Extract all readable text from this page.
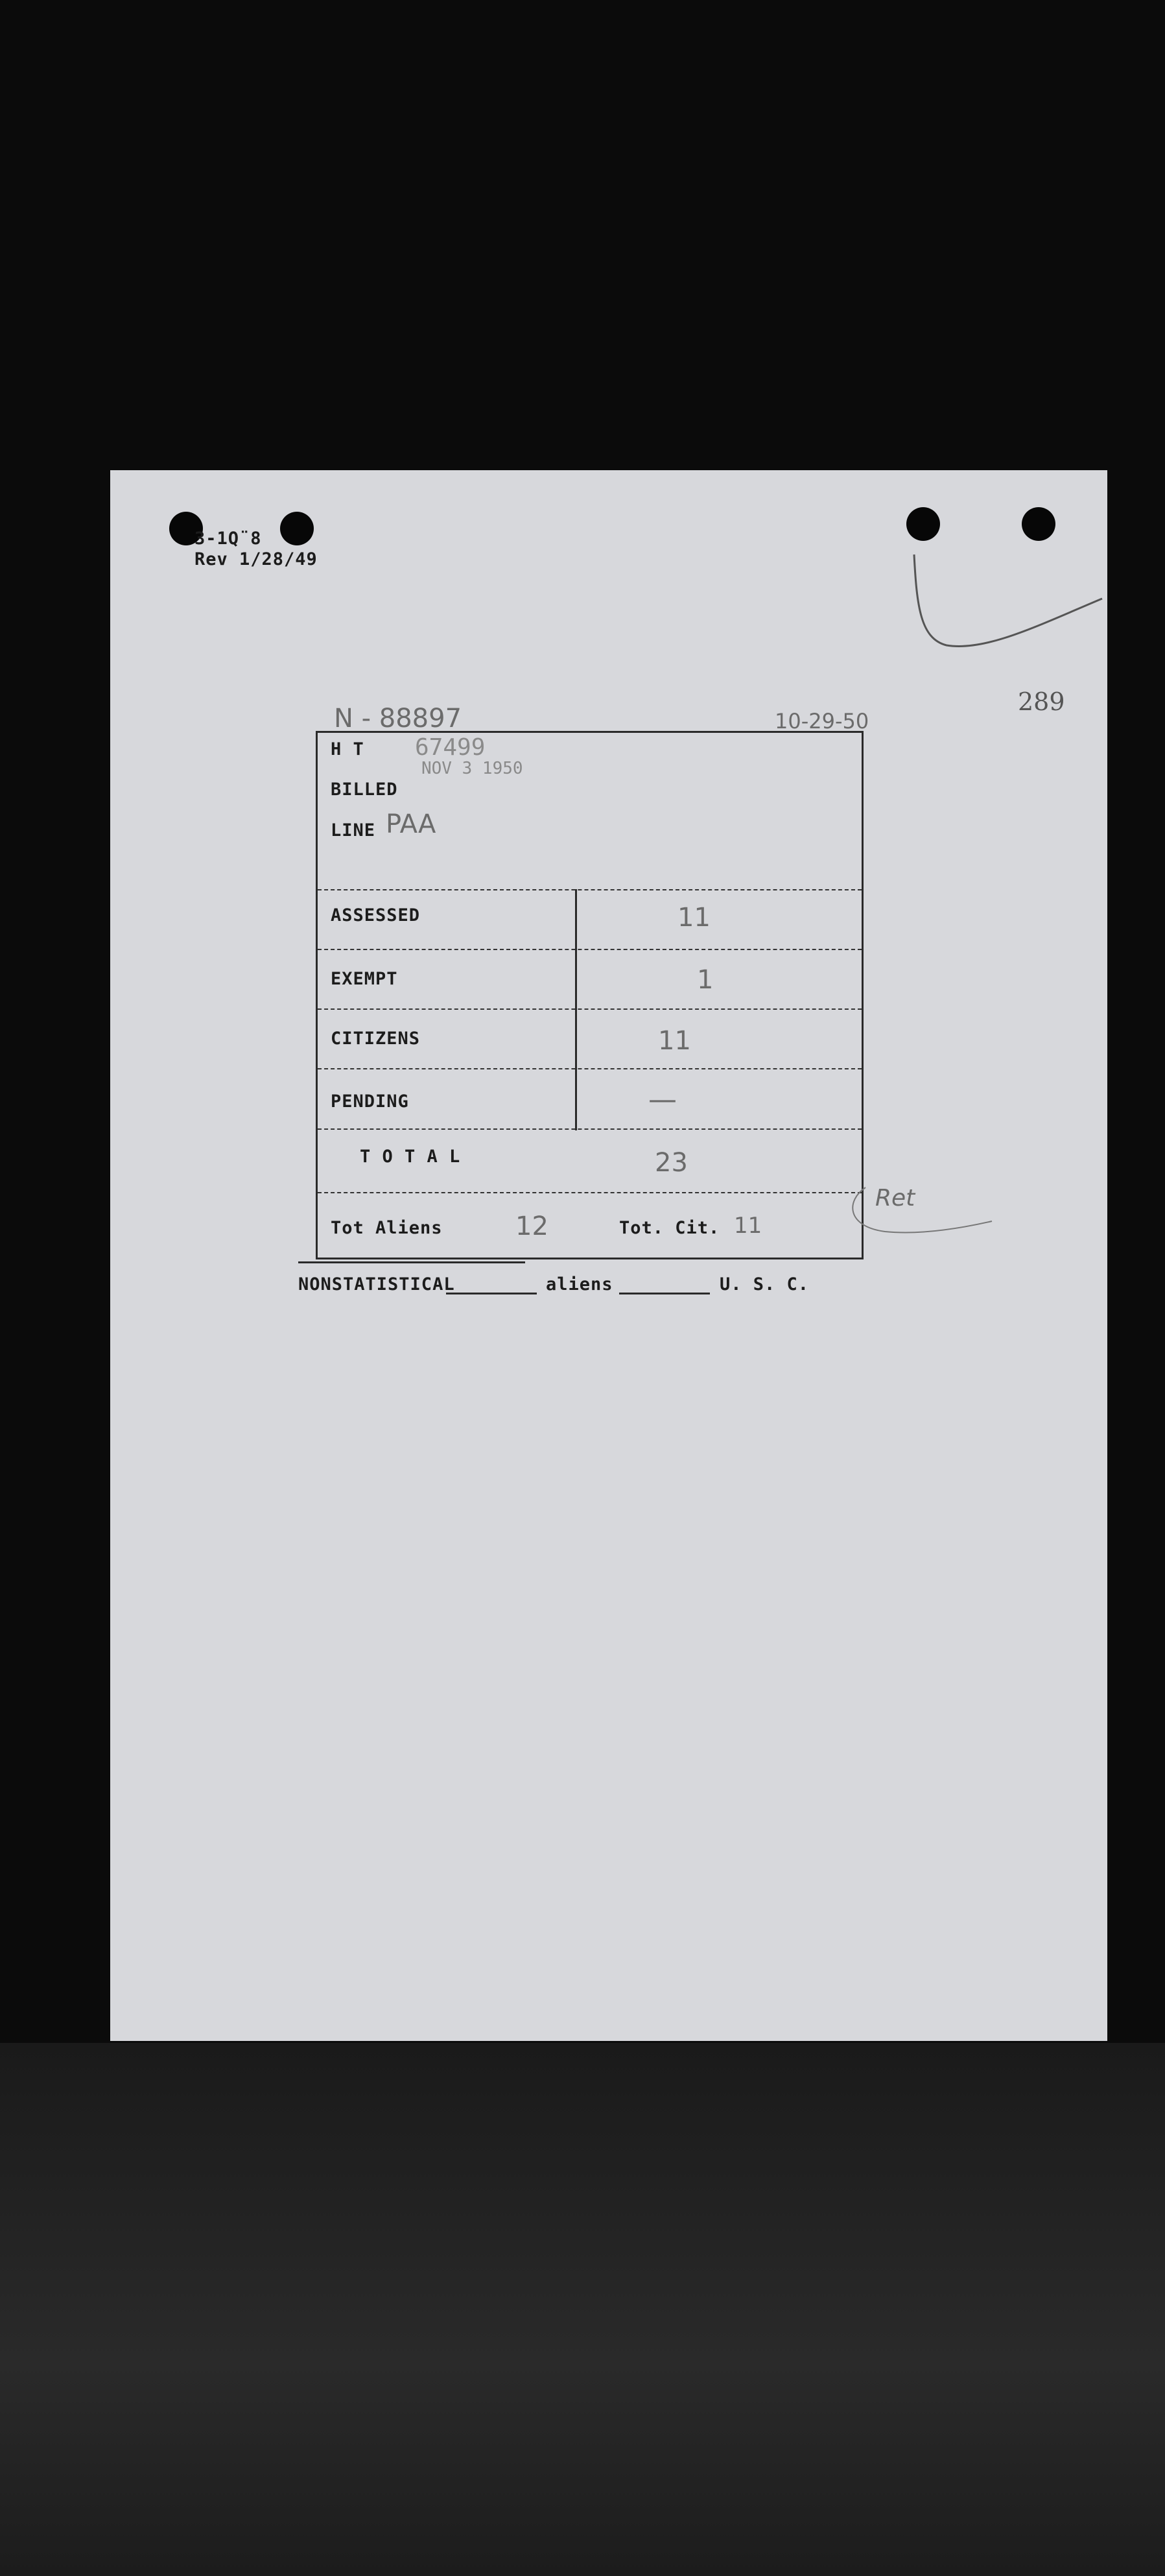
3-1Q¨8
Rev 1/28/49
N - 88897	10-29-50
289
H T 67499
NOV 3 1950
BILLED
LINE PAA
ASSESSED	11
EXEMPT	1
CITIZENS	11
PENDING	—
T O T A L	23
Tot Aliens	12	Tot. Cit. 11
Ret
NONSTATISTICAL	aliens	U. S. C.
